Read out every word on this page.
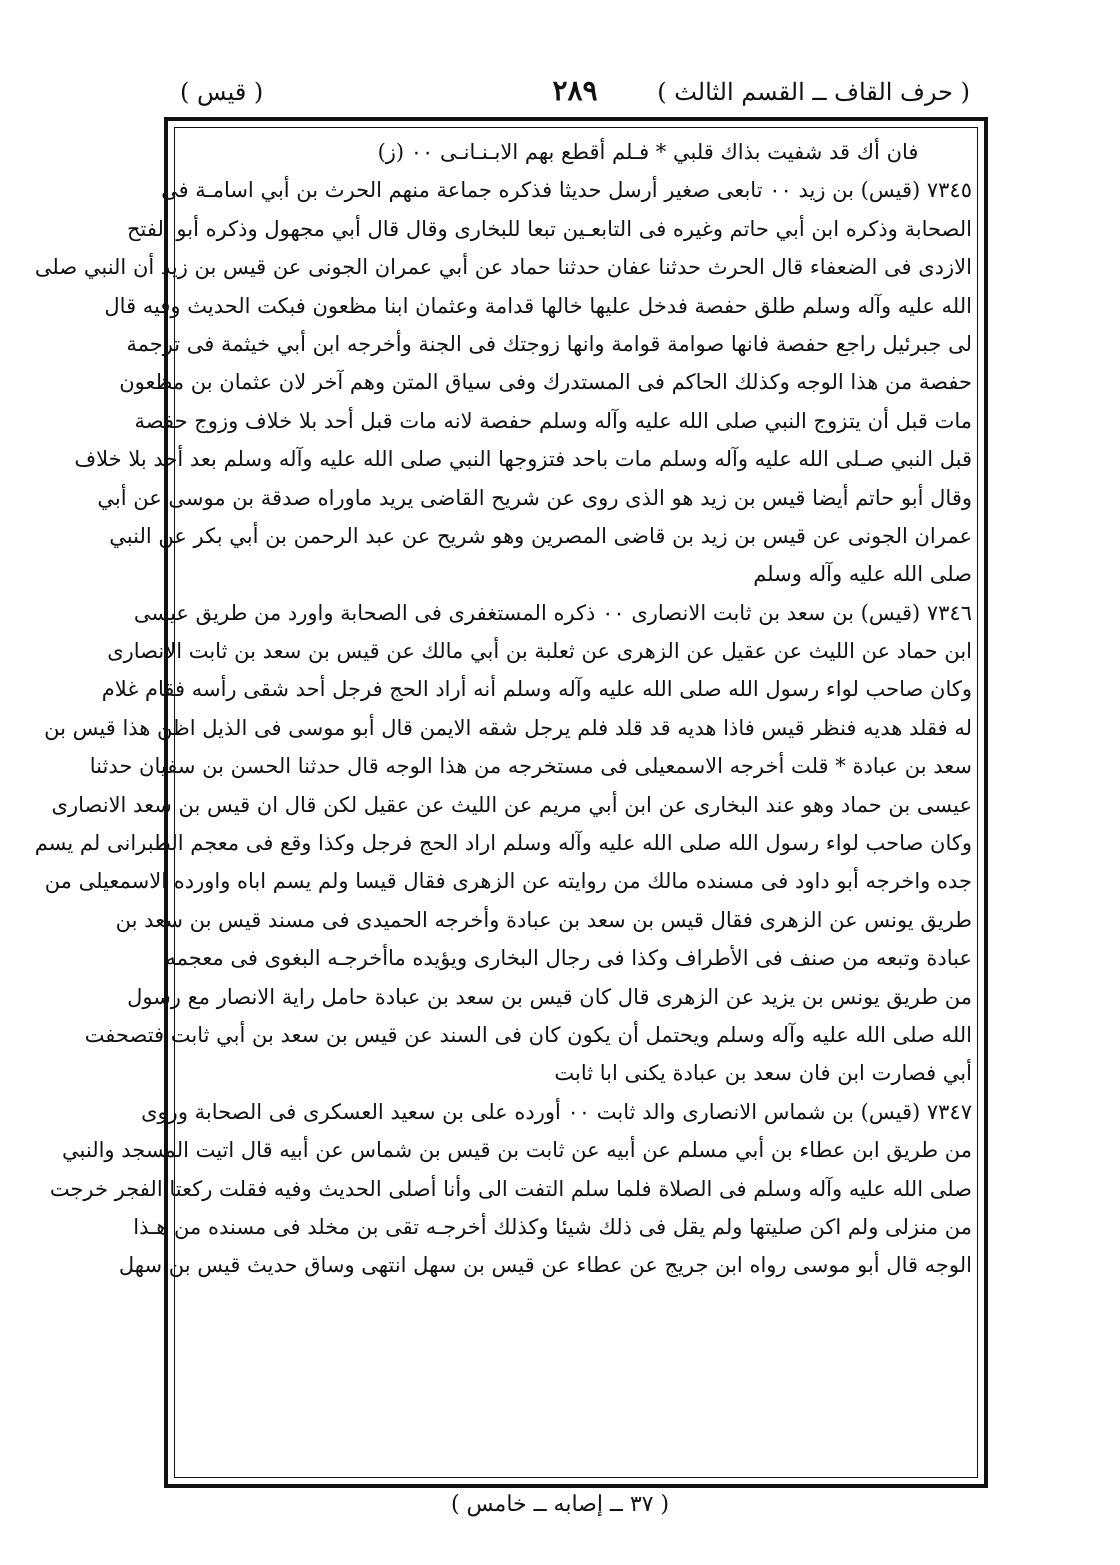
( حرف القاف ــ القسم الثالث )
٢٨٩
( قيس )
فان أك قد شفيت بذاك قلبي * فـلم أقطع بهم الابـنـانـى ٠٠ (ز)
٧٣٤٥ (قيس) بن زيد ٠٠ تابعى صغير أرسل حديثا فذكره جماعة منهم الحرث بن أبي اسامـة فى
الصحابة وذكره ابن أبي حاتم وغيره فى التابعـين تبعا للبخارى وقال قال أبي مجهول وذكره أبو الفتح
الازدى فى الضعفاء قال الحرث حدثنا عفان حدثنا حماد عن أبي عمران الجونى عن قيس بن زيد أن النبي صلى
الله عليه وآله وسلم طلق حفصة فدخل عليها خالها قدامة وعثمان ابنا مظعون فبكت الحديث وفيه قال
لى جبرئيل راجع حفصة فانها صوامة قوامة وانها زوجتك فى الجنة وأخرجه ابن أبي خيثمة فى ترجمة
حفصة من هذا الوجه وكذلك الحاكم فى المستدرك وفى سياق المتن وهم آخر لان عثمان بن مظعون
مات قبل أن يتزوج النبي صلى الله عليه وآله وسلم حفصة لانه مات قبل أحد بلا خلاف وزوج حفصة
قبل النبي صـلى الله عليه وآله وسلم مات باحد فتزوجها النبي صلى الله عليه وآله وسلم بعد أحد بلا خلاف
وقال أبو حاتم أيضا قيس بن زيد هو الذى روى عن شريح القاضى يريد ماوراه صدقة بن موسى عن أبي
عمران الجونى عن قيس بن زيد بن قاضى المصرين وهو شريح عن عبد الرحمن بن أبي بكر عن النبي
صلى الله عليه وآله وسلم
٧٣٤٦ (قيس) بن سعد بن ثابت الانصارى ٠٠ ذكره المستغفرى فى الصحابة واورد من طريق عيسى
ابن حماد عن الليث عن عقيل عن الزهرى عن ثعلبة بن أبي مالك عن قيس بن سعد بن ثابت الانصارى
وكان صاحب لواء رسول الله صلى الله عليه وآله وسلم أنه أراد الحج فرجل أحد شقى رأسه فقام غلام
له فقلد هديه فنظر قيس فاذا هديه قد قلد فلم يرجل شقه الايمن قال أبو موسى فى الذيل اظن هذا قيس بن
سعد بن عبادة * قلت أخرجه الاسمعيلى فى مستخرجه من هذا الوجه قال حدثنا الحسن بن سفيان حدثنا
عيسى بن حماد وهو عند البخارى عن ابن أبي مريم عن الليث عن عقيل لكن قال ان قيس بن سعد الانصارى
وكان صاحب لواء رسول الله صلى الله عليه وآله وسلم اراد الحج فرجل وكذا وقع فى معجم الطبرانى لم يسم
جده واخرجه أبو داود فى مسنده مالك من روايته عن الزهرى فقال قيسا ولم يسم اباه واورده الاسمعيلى من
طريق يونس عن الزهرى فقال قيس بن سعد بن عبادة وأخرجه الحميدى فى مسند قيس بن سعد بن
عبادة وتبعه من صنف فى الأطراف وكذا فى رجال البخارى ويؤيده ماأخرجـه البغوى فى معجمه
من طريق يونس بن يزيد عن الزهرى قال كان قيس بن سعد بن عبادة حامل راية الانصار مع رسول
الله صلى الله عليه وآله وسلم ويحتمل أن يكون كان فى السند عن قيس بن سعد بن أبي ثابت فتصحفت
أبي فصارت ابن فان سعد بن عبادة يكنى ابا ثابت
٧٣٤٧ (قيس) بن شماس الانصارى والد ثابت ٠٠ أورده على بن سعيد العسكرى فى الصحابة وروى
من طريق ابن عطاء بن أبي مسلم عن أبيه عن ثابت بن قيس بن شماس عن أبيه قال اتيت المسجد والنبي
صلى الله عليه وآله وسلم فى الصلاة فلما سلم التفت الى وأنا أصلى الحديث وفيه فقلت ركعتا الفجر خرجت
من منزلى ولم اكن صليتها ولم يقل فى ذلك شيئا وكذلك أخرجـه تقى بن مخلد فى مسنده من هـذا
الوجه قال أبو موسى رواه ابن جريج عن عطاء عن قيس بن سهل انتهى وساق حديث قيس بن سهل
( ٣٧ ــ إصابه ــ خامس )
